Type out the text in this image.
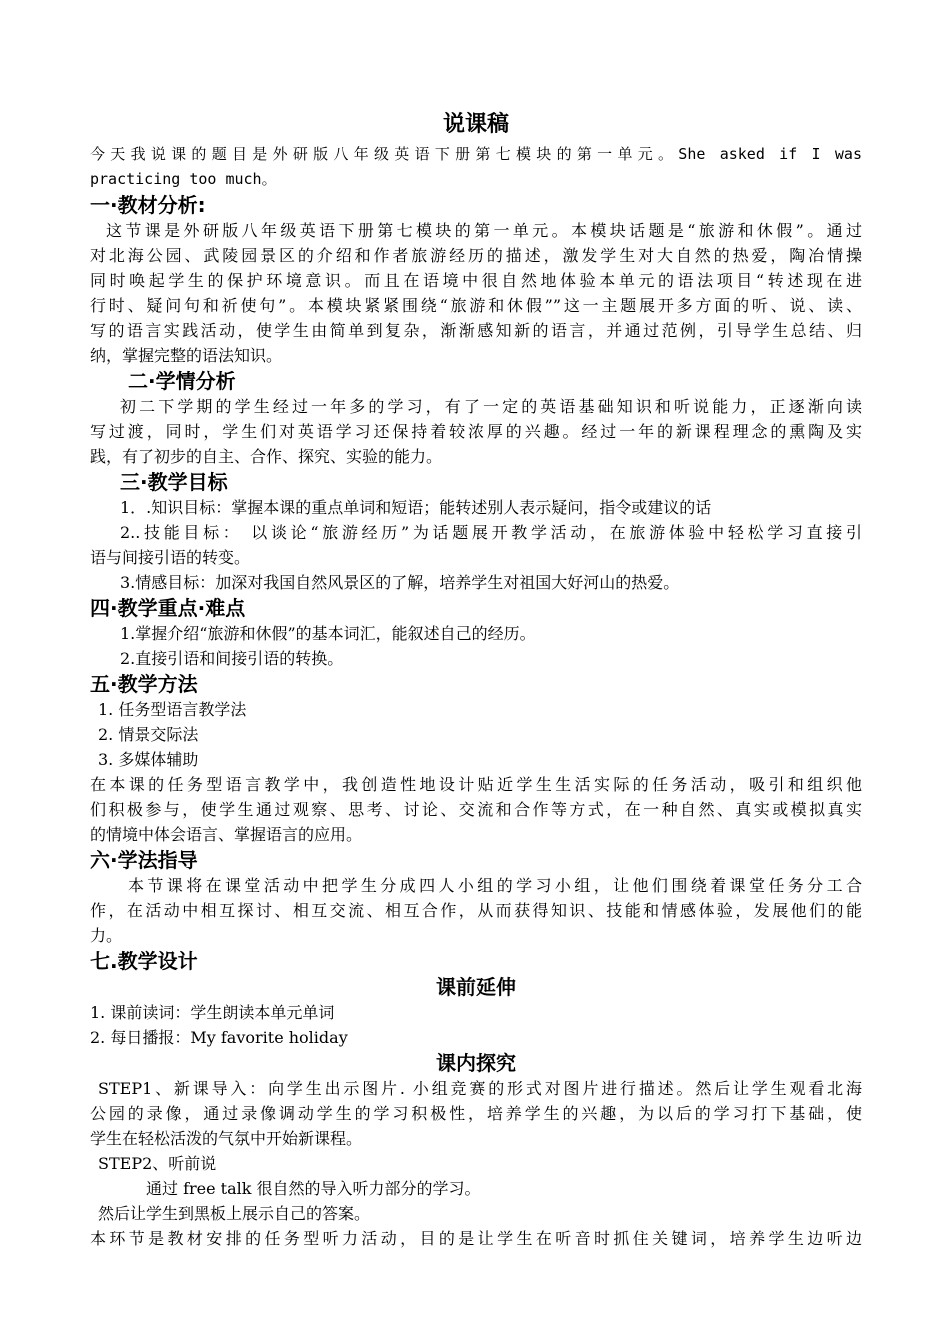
说课稿
今天我说课的题目是外研版八年级英语下册第七模块的第一单元。She asked if I was
practicing too much。
一·教材分析:
这节课是外研版八年级英语下册第七模块的第一单元。本模块话题是“旅游和休假”。通过
对北海公园、武陵园景区的介绍和作者旅游经历的描述，激发学生对大自然的热爱，陶冶情操
同时唤起学生的保护环境意识。而且在语境中很自然地体验本单元的语法项目“转述现在进
行时、疑问句和祈使句”。本模块紧紧围绕“旅游和休假””这一主题展开多方面的听、说、读、
写的语言实践活动，使学生由简单到复杂，渐渐感知新的语言，并通过范例，引导学生总结、归
纳，掌握完整的语法知识。
二·学情分析
初二下学期的学生经过一年多的学习，有了一定的英语基础知识和听说能力，正逐渐向读
写过渡，同时，学生们对英语学习还保持着较浓厚的兴趣。经过一年的新课程理念的熏陶及实
践，有了初步的自主、合作、探究、实验的能力。
三·教学目标
1．.知识目标：掌握本课的重点单词和短语；能转述别人表示疑问，指令或建议的话
2..技能目标： 以谈论“旅游经历”为话题展开教学活动，在旅游体验中轻松学习直接引
语与间接引语的转变。
3.情感目标：加深对我国自然风景区的了解，培养学生对祖国大好河山的热爱。
四·教学重点·难点
1.掌握介绍“旅游和休假”的基本词汇，能叙述自己的经历。
2.直接引语和间接引语的转换。
五·教学方法
1. 任务型语言教学法
2. 情景交际法
3. 多媒体辅助
在本课的任务型语言教学中，我创造性地设计贴近学生生活实际的任务活动，吸引和组织他
们积极参与，使学生通过观察、思考、讨论、交流和合作等方式，在一种自然、真实或模拟真实
的情境中体会语言、掌握语言的应用。
六·学法指导
本节课将在课堂活动中把学生分成四人小组的学习小组，让他们围绕着课堂任务分工合
作，在活动中相互探讨、相互交流、相互合作，从而获得知识、技能和情感体验，发展他们的能
力。
七.教学设计
课前延伸
1. 课前读词：学生朗读本单元单词
2. 每日播报：My favorite holiday
课内探究
STEP1、新课导入：向学生出示图片. 小组竞赛的形式对图片进行描述。然后让学生观看北海
公园的录像，通过录像调动学生的学习积极性，培养学生的兴趣，为以后的学习打下基础，使
学生在轻松活泼的气氛中开始新课程。
STEP2、听前说
通过 free talk 很自然的导入听力部分的学习。
然后让学生到黑板上展示自己的答案。
本环节是教材安排的任务型听力活动，目的是让学生在听音时抓住关键词，培养学生边听边
